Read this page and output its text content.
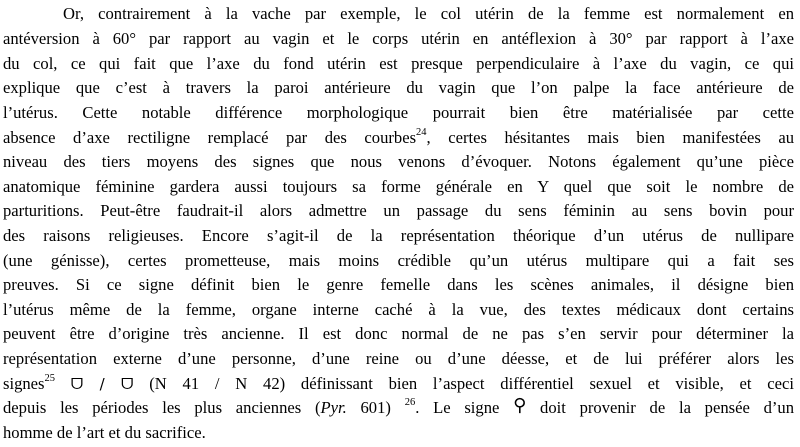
Or, contrairement à la vache par exemple, le col utérin de la femme est normalement en
antéversion à 60° par rapport au vagin et le corps utérin en antéflexion à 30° par rapport à l’axe
du col, ce qui fait que l’axe du fond utérin est presque perpendiculaire à l’axe du vagin, ce qui
explique que c’est à travers la paroi antérieure du vagin que l’on palpe la face antérieure de
l’utérus. Cette notable différence morphologique pourrait bien être matérialisée par cette
absence d’axe rectiligne remplacé par des courbes$^{24}$, certes hésitantes mais bien manifestées au
niveau des tiers moyens des signes que nous venons d’évoquer. Notons également qu’une pièce
anatomique féminine gardera aussi toujours sa forme générale en Y quel que soit le nombre de
parturitions. Peut-être faudrait-il alors admettre un passage du sens féminin au sens bovin pour
des raisons religieuses. Encore s’agit-il de la représentation théorique d’un utérus de nullipare
(une génisse), certes prometteuse, mais moins crédible qu’un utérus multipare qui a fait ses
preuves. Si ce signe définit bien le genre femelle dans les scènes animales, il désigne bien
l’utérus même de la femme, organe interne caché à la vue, des textes médicaux dont certains
peuvent être d’origine très ancienne. Il est donc normal de ne pas s’en servir pour déterminer la
représentation externe d’une personne, d’une reine ou d’une déesse, et de lui préférer alors les
signes$^{25}$ ᗜ / ᗜ (N 41 / N 42) définissant bien l’aspect différentiel sexuel et visible, et ceci
depuis les périodes les plus anciennes (Pyr. 601) $^{26}$. Le signe ⚲ doit provenir de la pensée d’un
homme de l’art et du sacrifice.
